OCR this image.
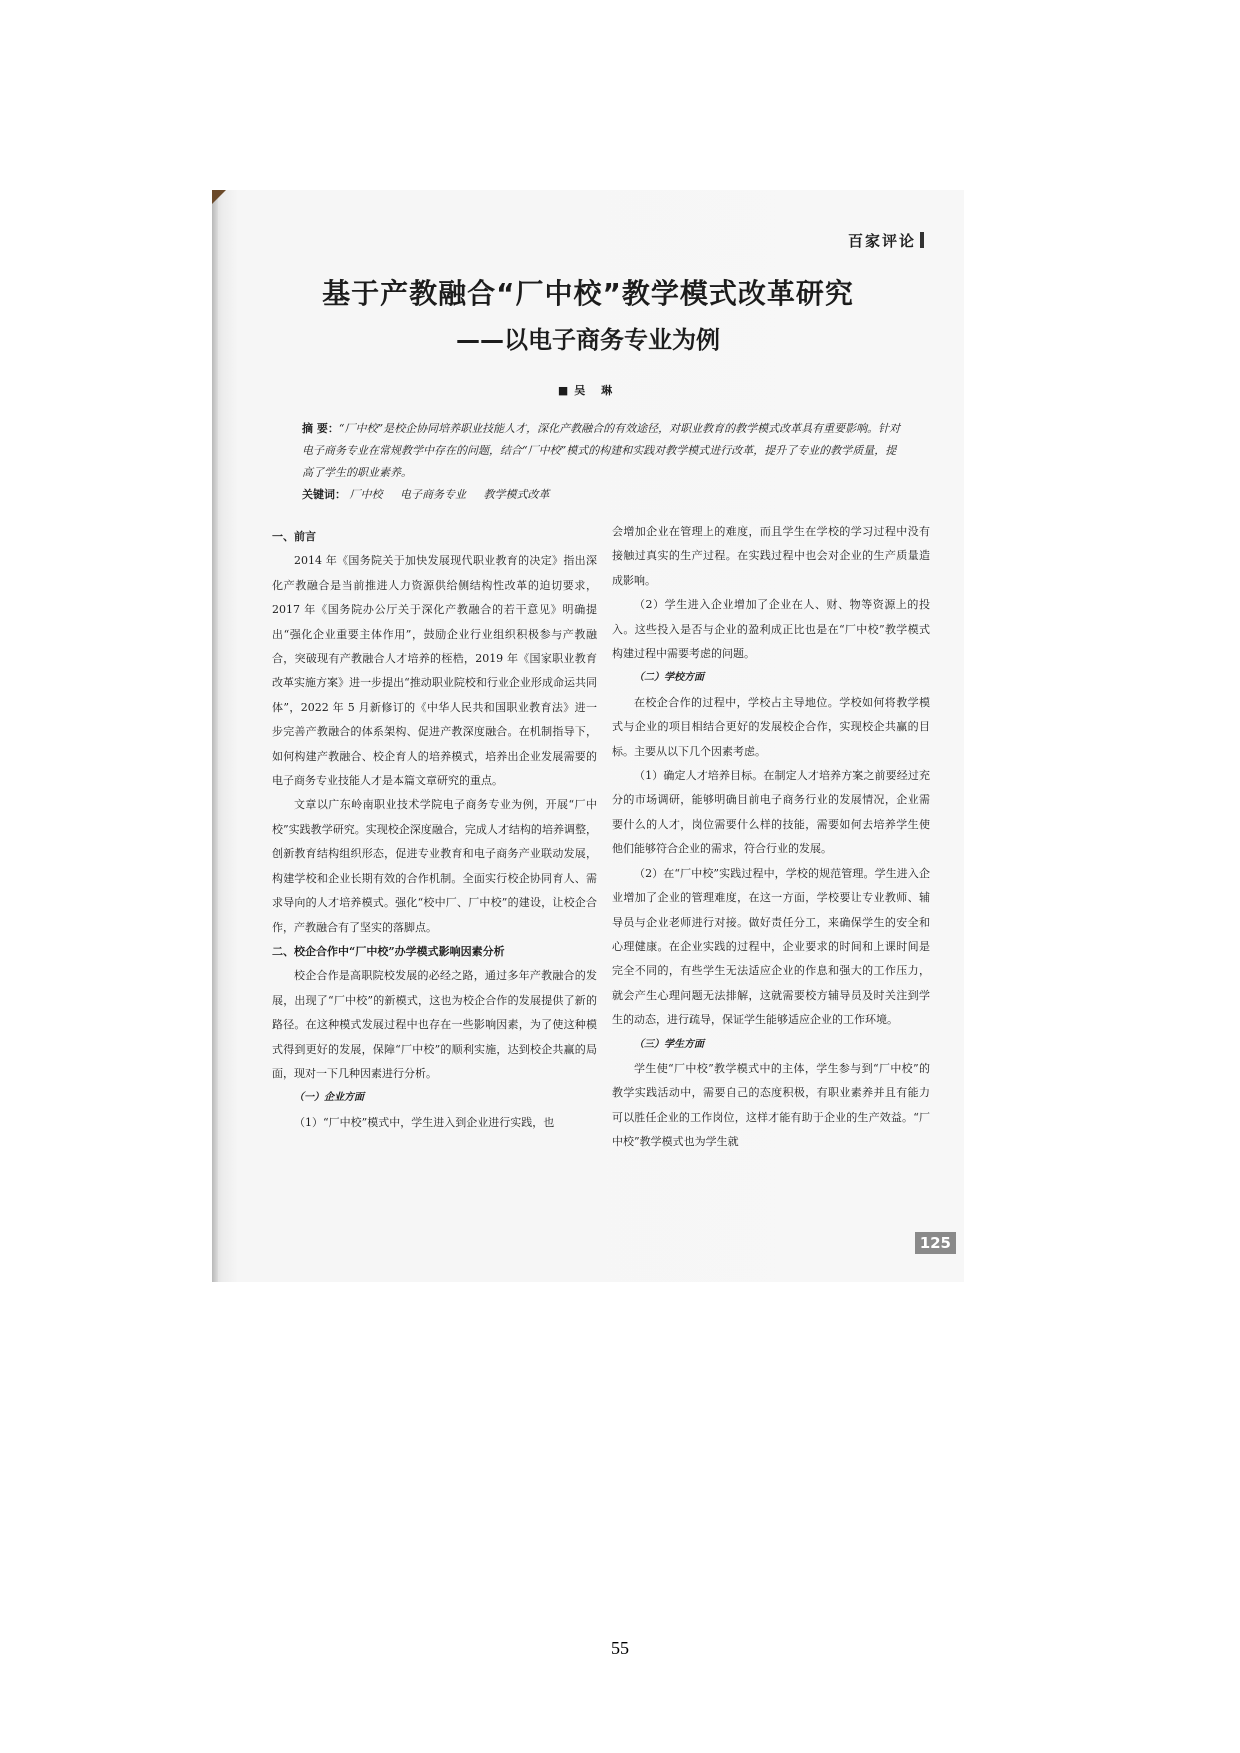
百家评论
基于产教融合“厂中校”教学模式改革研究
——以电子商务专业为例
■吴 琳
摘 要：“厂中校”是校企协同培养职业技能人才，深化产教融合的有效途径，对职业教育的教学模式改革具有重要影响。针对电子商务专业在常规教学中存在的问题，结合“厂中校”模式的构建和实践对教学模式进行改革，提升了专业的教学质量，提高了学生的职业素养。
关键词： 厂中校 电子商务专业 教学模式改革
一、前言

2014 年《国务院关于加快发展现代职业教育的决定》指出深化产教融合是当前推进人力资源供给侧结构性改革的迫切要求，2017 年《国务院办公厅关于深化产教融合的若干意见》明确提出“强化企业重要主体作用”，鼓励企业行业组织积极参与产教融合，突破现有产教融合人才培养的桎梏，2019 年《国家职业教育改革实施方案》进一步提出“推动职业院校和行业企业形成命运共同体”，2022 年 5 月新修订的《中华人民共和国职业教育法》进一步完善产教融合的体系架构、促进产教深度融合。在机制指导下，如何构建产教融合、校企育人的培养模式，培养出企业发展需要的电子商务专业技能人才是本篇文章研究的重点。

文章以广东岭南职业技术学院电子商务专业为例，开展“厂中校”实践教学研究。实现校企深度融合，完成人才结构的培养调整，创新教育结构组织形态，促进专业教育和电子商务产业联动发展，构建学校和企业长期有效的合作机制。全面实行校企协同育人、需求导向的人才培养模式。强化“校中厂、厂中校”的建设，让校企合作，产教融合有了坚实的落脚点。

二、校企合作中“厂中校”办学模式影响因素分析

校企合作是高职院校发展的必经之路，通过多年产教融合的发展，出现了“厂中校”的新模式，这也为校企合作的发展提供了新的路径。在这种模式发展过程中也存在一些影响因素，为了使这种模式得到更好的发展，保障“厂中校”的顺利实施，达到校企共赢的局面，现对一下几种因素进行分析。

（一）企业方面

（1）“厂中校”模式中，学生进入到企业进行实践，也

会增加企业在管理上的难度，而且学生在学校的学习过程中没有接触过真实的生产过程。在实践过程中也会对企业的生产质量造成影响。

（2）学生进入企业增加了企业在人、财、物等资源上的投入。这些投入是否与企业的盈利成正比也是在“厂中校”教学模式构建过程中需要考虑的问题。

（二）学校方面

在校企合作的过程中，学校占主导地位。学校如何将教学模式与企业的项目相结合更好的发展校企合作，实现校企共赢的目标。主要从以下几个因素考虑。

（1）确定人才培养目标。在制定人才培养方案之前要经过充分的市场调研，能够明确目前电子商务行业的发展情况，企业需要什么的人才，岗位需要什么样的技能，需要如何去培养学生使他们能够符合企业的需求，符合行业的发展。

（2）在“厂中校”实践过程中，学校的规范管理。学生进入企业增加了企业的管理难度，在这一方面，学校要让专业教师、辅导员与企业老师进行对接。做好责任分工，来确保学生的安全和心理健康。在企业实践的过程中，企业要求的时间和上课时间是完全不同的，有些学生无法适应企业的作息和强大的工作压力，就会产生心理问题无法排解，这就需要校方辅导员及时关注到学生的动态，进行疏导，保证学生能够适应企业的工作环境。

（三）学生方面

学生使“厂中校”教学模式中的主体，学生参与到“厂中校”的教学实践活动中，需要自己的态度积极，有职业素养并且有能力可以胜任企业的工作岗位，这样才能有助于企业的生产效益。“厂中校”教学模式也为学生就

125
55
